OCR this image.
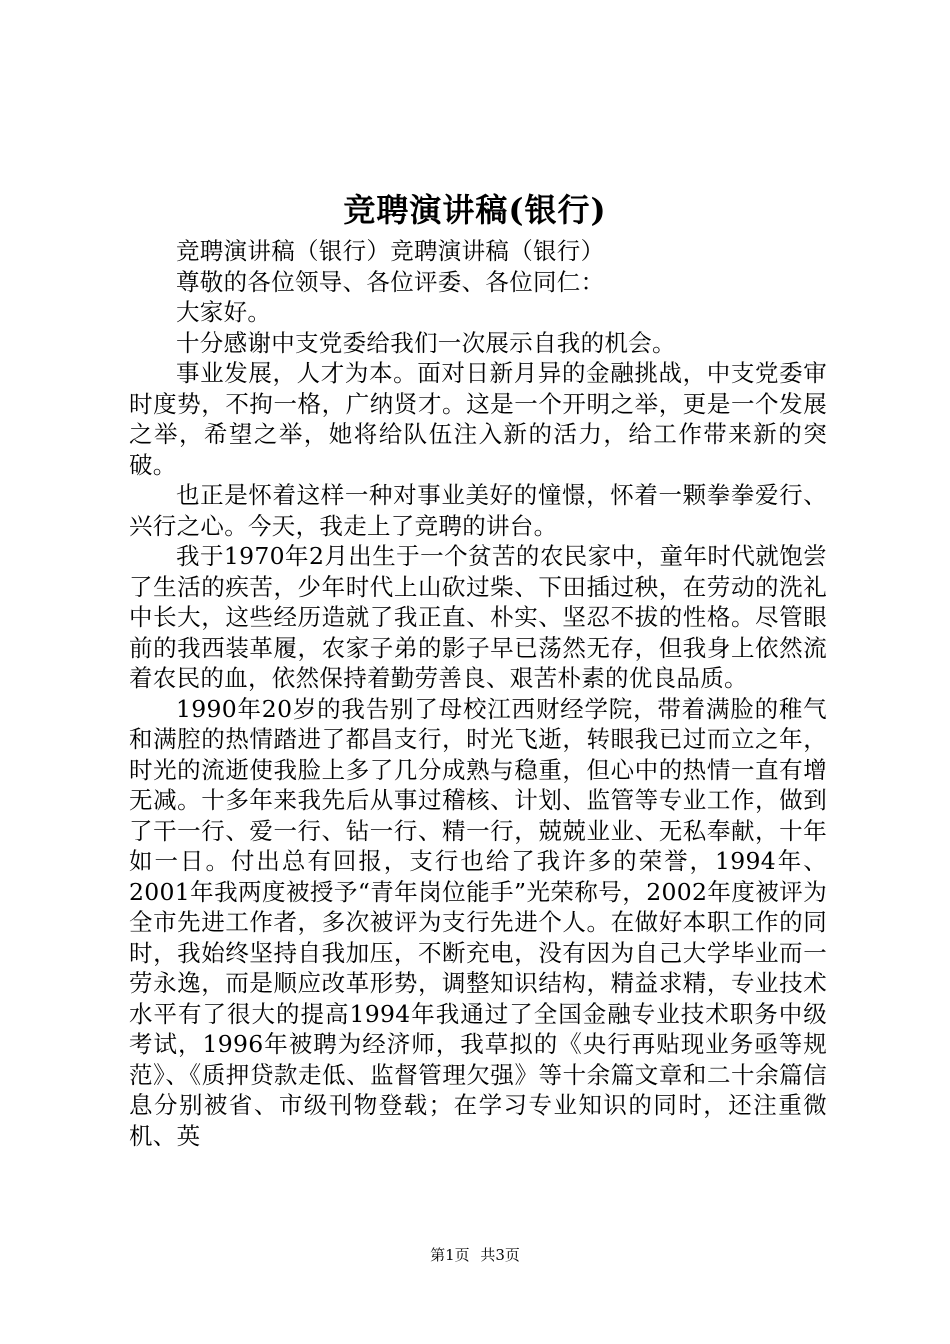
竞聘演讲稿(银行)

竞聘演讲稿（银行）竞聘演讲稿（银行）

尊敬的各位领导、各位评委、各位同仁：

大家好。

十分感谢中支党委给我们一次展示自我的机会。

事业发展，人才为本。面对日新月异的金融挑战，中支党委审时度势，不拘一格，广纳贤才。这是一个开明之举，更是一个发展之举，希望之举，她将给队伍注入新的活力，给工作带来新的突破。

也正是怀着这样一种对事业美好的憧憬，怀着一颗拳拳爱行、兴行之心。今天，我走上了竞聘的讲台。

我于1970年2月出生于一个贫苦的农民家中，童年时代就饱尝了生活的疾苦，少年时代上山砍过柴、下田插过秧，在劳动的洗礼中长大，这些经历造就了我正直、朴实、坚忍不拔的性格。尽管眼前的我西装革履，农家子弟的影子早已荡然无存，但我身上依然流着农民的血，依然保持着勤劳善良、艰苦朴素的优良品质。

1990年20岁的我告别了母校江西财经学院，带着满脸的稚气和满腔的热情踏进了都昌支行，时光飞逝，转眼我已过而立之年，时光的流逝使我脸上多了几分成熟与稳重，但心中的热情一直有增无减。十多年来我先后从事过稽核、计划、监管等专业工作，做到了干一行、爱一行、钻一行、精一行，兢兢业业、无私奉献，十年如一日。付出总有回报，支行也给了我许多的荣誉，1994年、2001年我两度被授予“青年岗位能手”光荣称号，2002年度被评为全市先进工作者，多次被评为支行先进个人。在做好本职工作的同时，我始终坚持自我加压，不断充电，没有因为自己大学毕业而一劳永逸，而是顺应改革形势，调整知识结构，精益求精，专业技术水平有了很大的提高1994年我通过了全国金融专业技术职务中级考试，1996年被聘为经济师，我草拟的《央行再贴现业务亟等规范》、《质押贷款走低、监督管理欠强》等十余篇文章和二十余篇信息分别被省、市级刊物登载；在学习专业知识的同时，还注重微机、英

第1页 共3页
